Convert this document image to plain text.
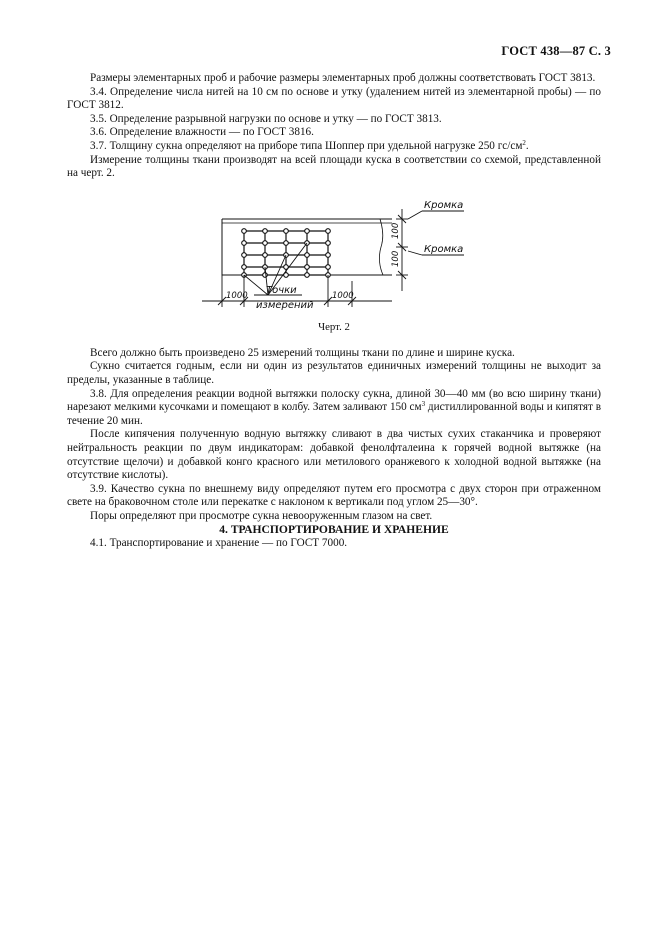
ГОСТ 438—87 С. 3

Размеры элементарных проб и рабочие размеры элементарных проб должны соответствовать ГОСТ 3813.

3.4. Определение числа нитей на 10 см по основе и утку (удалением нитей из элементарной пробы) — по ГОСТ 3812.

3.5. Определение разрывной нагрузки по основе и утку — по ГОСТ 3813.

3.6. Определение влажности — по ГОСТ 3816.

3.7. Толщину сукна определяют на приборе типа Шоппер при удельной нагрузке 250 $гс/см^2$.

Измерение толщины ткани производят на всей площади куска в соответствии со схемой, представленной на черт. 2.

100
100
Кромка
Кромка
1000	1000
Точки
измерений
Черт. 2

Всего должно быть произведено 25 измерений толщины ткани по длине и ширине куска.

Сукно считается годным, если ни один из результатов единичных измерений толщины не выходит за пределы, указанные в таблице.

3.8. Для определения реакции водной вытяжки полоску сукна, длиной 30—40 мм (во всю ширину ткани) нарезают мелкими кусочками и помещают в колбу. Затем заливают 150 $см^3$ дистиллированной воды и кипятят в течение 20 мин.

После кипячения полученную водную вытяжку сливают в два чистых сухих стаканчика и проверяют нейтральность реакции по двум индикаторам: добавкой фенолфталеина к горячей водной вытяжке (на отсутствие щелочи) и добавкой конго красного или метилового оранжевого к холодной водной вытяжке (на отсутствие кислоты).

3.9. Качество сукна по внешнему виду определяют путем его просмотра с двух сторон при отраженном свете на браковочном столе или перекатке с наклоном к вертикали под углом 25—30°.

Поры определяют при просмотре сукна невооруженным глазом на свет.

4. ТРАНСПОРТИРОВАНИЕ И ХРАНЕНИЕ

4.1. Транспортирование и хранение — по ГОСТ 7000.
